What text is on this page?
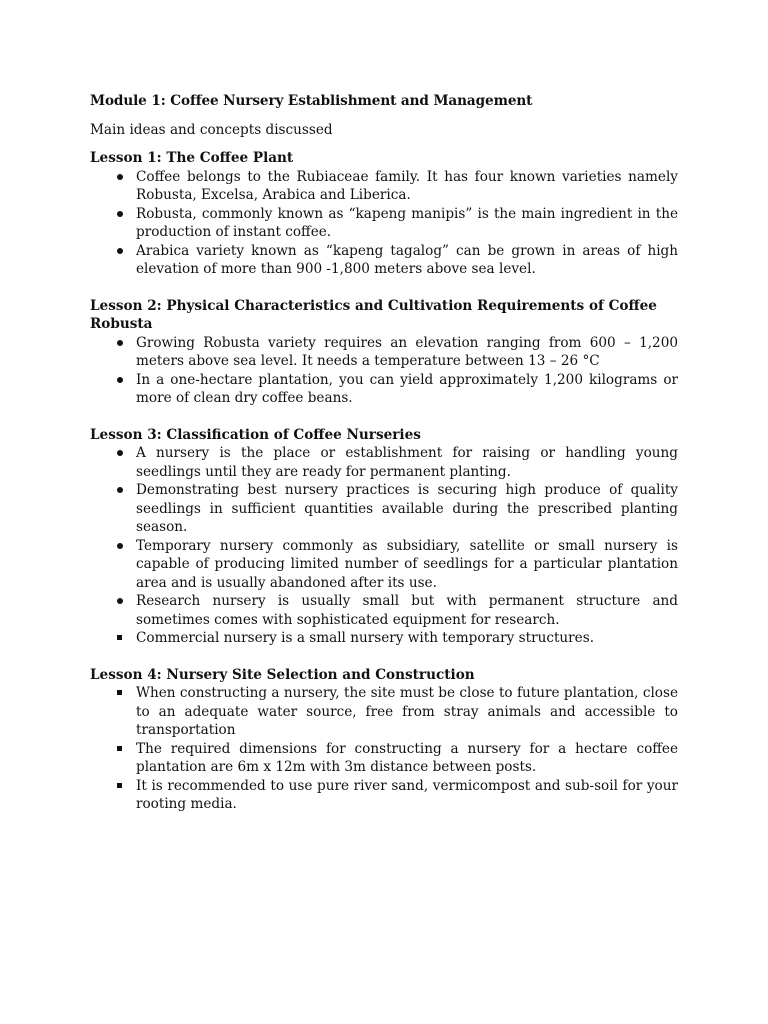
Module 1: Coffee Nursery Establishment and Management

Main ideas and concepts discussed

Lesson 1: The Coffee Plant

Coffee belongs to the Rubiaceae family. It has four known varieties namely Robusta, Excelsa, Arabica and Liberica.
Robusta, commonly known as “kapeng manipis” is the main ingredient in the production of instant coffee.
Arabica variety known as “kapeng tagalog” can be grown in areas of high elevation of more than 900 -1,800 meters above sea level.

Lesson 2: Physical Characteristics and Cultivation Requirements of Coffee Robusta

Growing Robusta variety requires an elevation ranging from 600 – 1,200 meters above sea level. It needs a temperature between 13 – 26 °C
In a one-hectare plantation, you can yield approximately 1,200 kilograms or more of clean dry coffee beans.

Lesson 3: Classification of Coffee Nurseries

A nursery is the place or establishment for raising or handling young seedlings until they are ready for permanent planting.
Demonstrating best nursery practices is securing high produce of quality seedlings in sufficient quantities available during the prescribed planting season.
Temporary nursery commonly as subsidiary, satellite or small nursery is capable of producing limited number of seedlings for a particular plantation area and is usually abandoned after its use.
Research nursery is usually small but with permanent structure and sometimes comes with sophisticated equipment for research.
Commercial nursery is a small nursery with temporary structures.

Lesson 4: Nursery Site Selection and Construction

When constructing a nursery, the site must be close to future plantation, close to an adequate water source, free from stray animals and accessible to transportation
The required dimensions for constructing a nursery for a hectare coffee plantation are 6m x 12m with 3m distance between posts.
It is recommended to use pure river sand, vermicompost and sub-soil for your rooting media.
